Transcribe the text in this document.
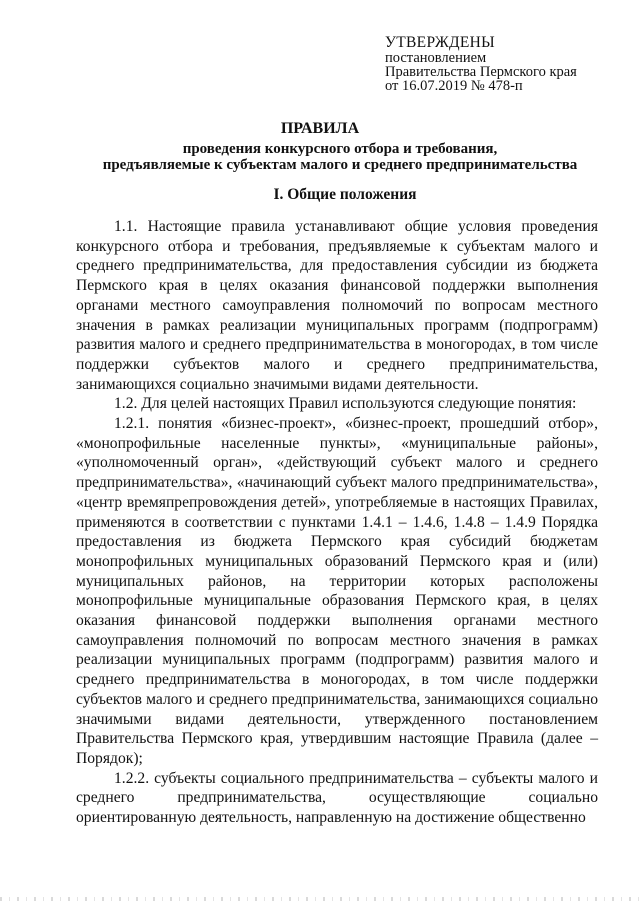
УТВЕРЖДЕНЫ
постановлением
Правительства Пермского края
от 16.07.2019 № 478-п
ПРАВИЛА
проведения конкурсного отбора и требования,
предъявляемые к субъектам малого и среднего предпринимательства
I. Общие положения

1.1. Настоящие правила устанавливают общие условия проведения конкурсного отбора и требования, предъявляемые к субъектам малого и среднего предпринимательства, для предоставления субсидии из бюджета Пермского края в целях оказания финансовой поддержки выполнения органами местного самоуправления полномочий по вопросам местного значения в рамках реализации муниципальных программ (подпрограмм) развития малого и среднего предпринимательства в моногородах, в том числе поддержки субъектов малого и среднего предпринимательства, занимающихся социально значимыми видами деятельности.

1.2. Для целей настоящих Правил используются следующие понятия:

1.2.1. понятия «бизнес-проект», «бизнес-проект, прошедший отбор», «монопрофильные населенные пункты», «муниципальные районы», «уполномоченный орган», «действующий субъект малого и среднего предпринимательства», «начинающий субъект малого предпринимательства», «центр времяпрепровождения детей», употребляемые в настоящих Правилах, применяются в соответствии с пунктами 1.4.1 – 1.4.6, 1.4.8 – 1.4.9 Порядка предоставления из бюджета Пермского края субсидий бюджетам монопрофильных муниципальных образований Пермского края и (или) муниципальных районов, на территории которых расположены монопрофильные муниципальные образования Пермского края, в целях оказания финансовой поддержки выполнения органами местного самоуправления полномочий по вопросам местного значения в рамках реализации муниципальных программ (подпрограмм) развития малого и среднего предпринимательства в моногородах, в том числе поддержки субъектов малого и среднего предпринимательства, занимающихся социально значимыми видами деятельности, утвержденного постановлением Правительства Пермского края, утвердившим настоящие Правила (далее – Порядок);

1.2.2. субъекты социального предпринимательства – субъекты малого и среднего предпринимательства, осуществляющие социально ориентированную деятельность, направленную на достижение общественно
